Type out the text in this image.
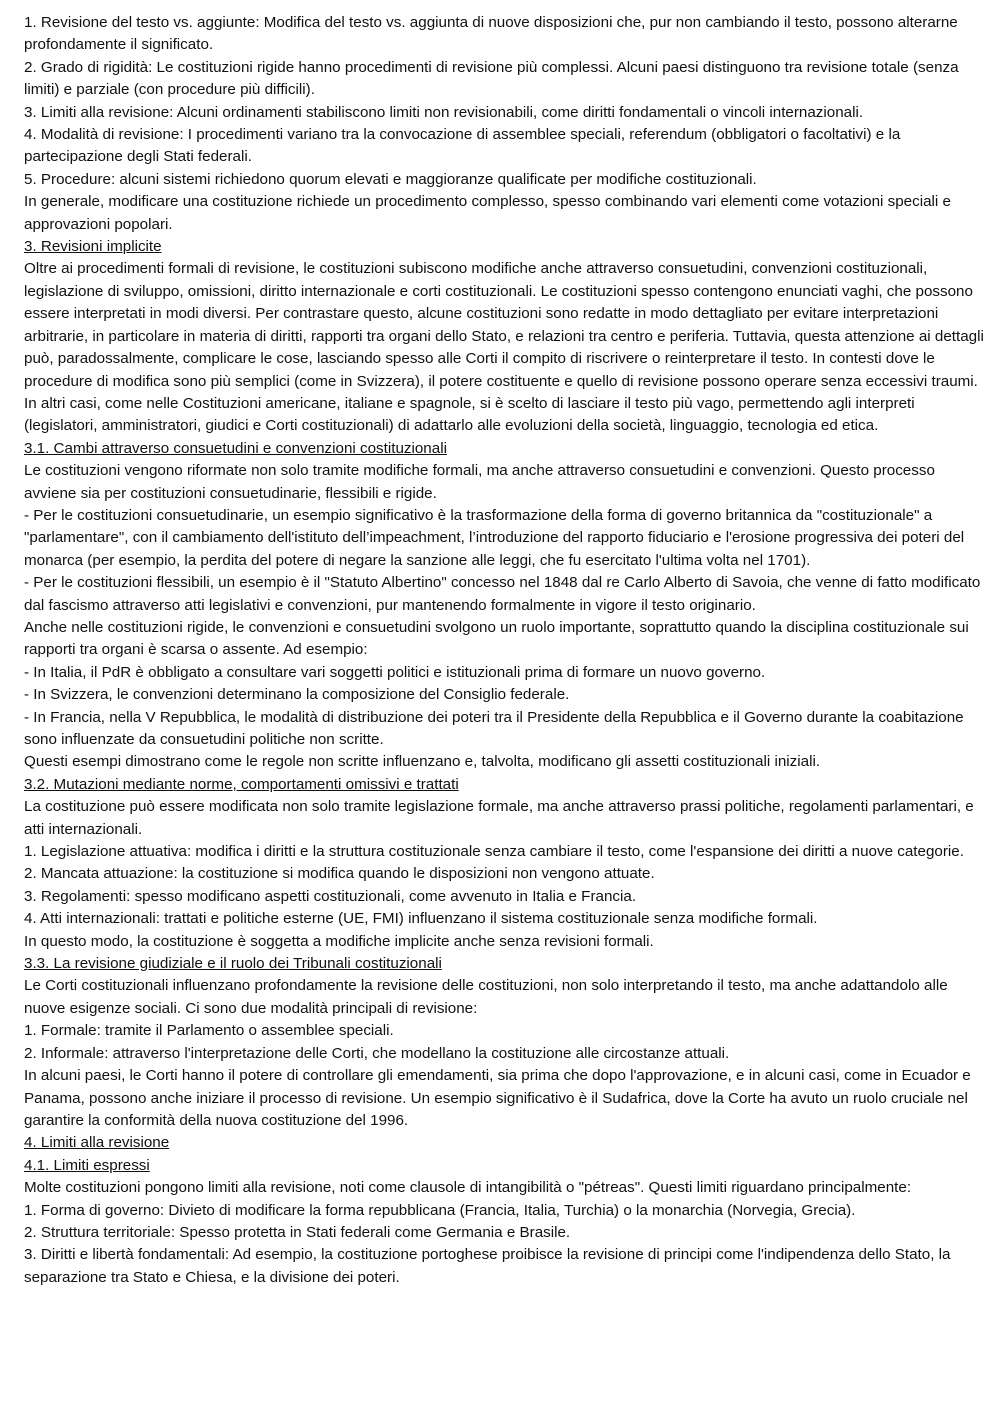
1. Revisione del testo vs. aggiunte: Modifica del testo vs. aggiunta di nuove disposizioni che, pur non cambiando il testo, possono alterarne profondamente il significato.

2. Grado di rigidità: Le costituzioni rigide hanno procedimenti di revisione più complessi. Alcuni paesi distinguono tra revisione totale (senza limiti) e parziale (con procedure più difficili).

3. Limiti alla revisione: Alcuni ordinamenti stabiliscono limiti non revisionabili, come diritti fondamentali o vincoli internazionali.

4. Modalità di revisione: I procedimenti variano tra la convocazione di assemblee speciali, referendum (obbligatori o facoltativi) e la partecipazione degli Stati federali.

5. Procedure: alcuni sistemi richiedono quorum elevati e maggioranze qualificate per modifiche costituzionali.

In generale, modificare una costituzione richiede un procedimento complesso, spesso combinando vari elementi come votazioni speciali e approvazioni popolari.

3. Revisioni implicite

Oltre ai procedimenti formali di revisione, le costituzioni subiscono modifiche anche attraverso consuetudini, convenzioni costituzionali, legislazione di sviluppo, omissioni, diritto internazionale e corti costituzionali. Le costituzioni spesso contengono enunciati vaghi, che possono essere interpretati in modi diversi. Per contrastare questo, alcune costituzioni sono redatte in modo dettagliato per evitare interpretazioni arbitrarie, in particolare in materia di diritti, rapporti tra organi dello Stato, e relazioni tra centro e periferia. Tuttavia, questa attenzione ai dettagli può, paradossalmente, complicare le cose, lasciando spesso alle Corti il compito di riscrivere o reinterpretare il testo. In contesti dove le procedure di modifica sono più semplici (come in Svizzera), il potere costituente e quello di revisione possono operare senza eccessivi traumi. In altri casi, come nelle Costituzioni americane, italiane e spagnole, si è scelto di lasciare il testo più vago, permettendo agli interpreti (legislatori, amministratori, giudici e Corti costituzionali) di adattarlo alle evoluzioni della società, linguaggio, tecnologia ed etica.

3.1. Cambi attraverso consuetudini e convenzioni costituzionali

Le costituzioni vengono riformate non solo tramite modifiche formali, ma anche attraverso consuetudini e convenzioni. Questo processo avviene sia per costituzioni consuetudinarie, flessibili e rigide.

- Per le costituzioni consuetudinarie, un esempio significativo è la trasformazione della forma di governo britannica da "costituzionale" a "parlamentare", con il cambiamento dell'istituto dell’impeachment, l’introduzione del rapporto fiduciario e l'erosione progressiva dei poteri del monarca (per esempio, la perdita del potere di negare la sanzione alle leggi, che fu esercitato l'ultima volta nel 1701).

- Per le costituzioni flessibili, un esempio è il "Statuto Albertino" concesso nel 1848 dal re Carlo Alberto di Savoia, che venne di fatto modificato dal fascismo attraverso atti legislativi e convenzioni, pur mantenendo formalmente in vigore il testo originario.

Anche nelle costituzioni rigide, le convenzioni e consuetudini svolgono un ruolo importante, soprattutto quando la disciplina costituzionale sui rapporti tra organi è scarsa o assente. Ad esempio:

- In Italia, il PdR è obbligato a consultare vari soggetti politici e istituzionali prima di formare un nuovo governo.

- In Svizzera, le convenzioni determinano la composizione del Consiglio federale.

- In Francia, nella V Repubblica, le modalità di distribuzione dei poteri tra il Presidente della Repubblica e il Governo durante la coabitazione sono influenzate da consuetudini politiche non scritte.

Questi esempi dimostrano come le regole non scritte influenzano e, talvolta, modificano gli assetti costituzionali iniziali.

3.2. Mutazioni mediante norme, comportamenti omissivi e trattati

La costituzione può essere modificata non solo tramite legislazione formale, ma anche attraverso prassi politiche, regolamenti parlamentari, e atti internazionali.

1. Legislazione attuativa: modifica i diritti e la struttura costituzionale senza cambiare il testo, come l'espansione dei diritti a nuove categorie.

2. Mancata attuazione: la costituzione si modifica quando le disposizioni non vengono attuate.

3. Regolamenti: spesso modificano aspetti costituzionali, come avvenuto in Italia e Francia.

4. Atti internazionali: trattati e politiche esterne (UE, FMI) influenzano il sistema costituzionale senza modifiche formali.

In questo modo, la costituzione è soggetta a modifiche implicite anche senza revisioni formali.

3.3. La revisione giudiziale e il ruolo dei Tribunali costituzionali

Le Corti costituzionali influenzano profondamente la revisione delle costituzioni, non solo interpretando il testo, ma anche adattandolo alle nuove esigenze sociali. Ci sono due modalità principali di revisione:

1. Formale: tramite il Parlamento o assemblee speciali.

2. Informale: attraverso l'interpretazione delle Corti, che modellano la costituzione alle circostanze attuali.

In alcuni paesi, le Corti hanno il potere di controllare gli emendamenti, sia prima che dopo l'approvazione, e in alcuni casi, come in Ecuador e Panama, possono anche iniziare il processo di revisione. Un esempio significativo è il Sudafrica, dove la Corte ha avuto un ruolo cruciale nel garantire la conformità della nuova costituzione del 1996.

4. Limiti alla revisione
4.1. Limiti espressi

Molte costituzioni pongono limiti alla revisione, noti come clausole di intangibilità o "pétreas". Questi limiti riguardano principalmente:

1. Forma di governo: Divieto di modificare la forma repubblicana (Francia, Italia, Turchia) o la monarchia (Norvegia, Grecia).

2. Struttura territoriale: Spesso protetta in Stati federali come Germania e Brasile.

3. Diritti e libertà fondamentali: Ad esempio, la costituzione portoghese proibisce la revisione di principi come l'indipendenza dello Stato, la separazione tra Stato e Chiesa, e la divisione dei poteri.
